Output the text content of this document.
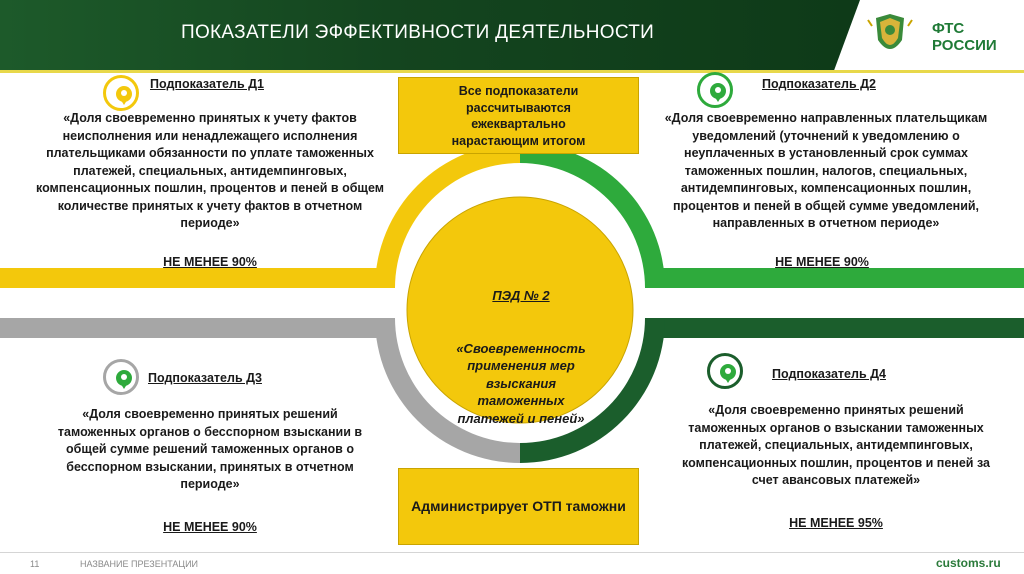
ПОКАЗАТЕЛИ ЭФФЕКТИВНОСТИ ДЕЯТЕЛЬНОСТИ	ФТС
РОССИИ
Все подпоказатели
рассчитываются
ежеквартально
нарастающим итогом

ПЭД № 2

«Своевременность
применения мер
взыскания
таможенных
платежей и пеней»

Администрирует ОТП таможни
Подпоказатель Д1
«Доля своевременно принятых к учету фактов
неисполнения или ненадлежащего исполнения
плательщиками обязанности по уплате таможенных
платежей, специальных, антидемпинговых,
компенсационных пошлин, процентов и пеней в общем
количестве принятых к учету фактов в отчетном
периоде»
НЕ МЕНЕЕ 90%
Подпоказатель Д2
«Доля своевременно направленных плательщикам
уведомлений (уточнений к уведомлению о
неуплаченных в установленный срок суммах
таможенных пошлин, налогов, специальных,
антидемпинговых, компенсационных пошлин,
процентов и пеней в общей сумме уведомлений,
направленных в отчетном периоде»
НЕ МЕНЕЕ 90%
Подпоказатель Д3
«Доля своевременно принятых решений
таможенных органов о бесспорном взыскании в
общей сумме решений таможенных органов о
бесспорном взыскании, принятых в отчетном
периоде»
НЕ МЕНЕЕ 90%
Подпоказатель Д4
«Доля своевременно принятых решений
таможенных органов о взыскании таможенных
платежей, специальных, антидемпинговых,
компенсационных пошлин, процентов и пеней за
счет авансовых платежей»
НЕ МЕНЕЕ 95%
11	НАЗВАНИЕ ПРЕЗЕНТАЦИИ	customs.ru
